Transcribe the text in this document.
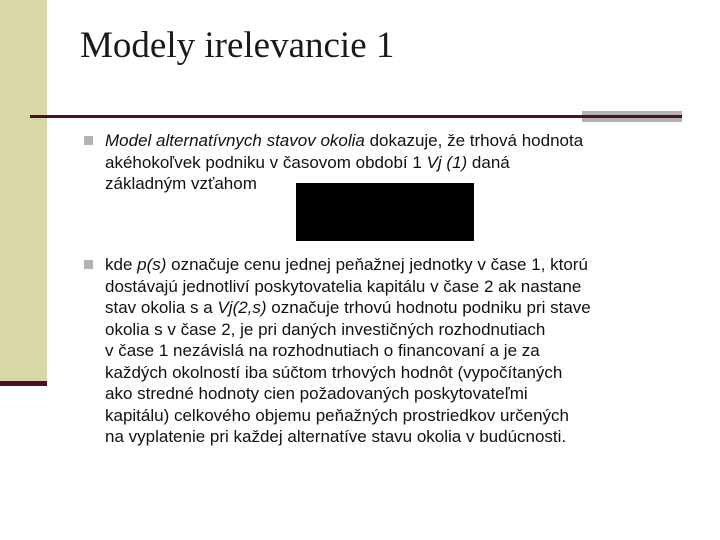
Modely irelevancie 1
Model alternatívnych stavov okolia dokazuje, že trhová hodnota
akéhokoľvek podniku v časovom období 1 Vj (1) daná
základným vzťahom
kde p(s) označuje cenu jednej peňažnej jednotky v čase 1, ktorú
dostávajú jednotliví poskytovatelia kapitálu v čase 2 ak nastane
stav okolia s a Vj(2,s) označuje trhovú hodnotu podniku pri stave
okolia s v čase 2, je pri daných investičných rozhodnutiach
v čase 1 nezávislá na rozhodnutiach o financovaní a je za
každých okolností iba súčtom trhových hodnôt (vypočítaných
ako stredné hodnoty cien požadovaných poskytovateľmi
kapitálu) celkového objemu peňažných prostriedkov určených
na vyplatenie pri každej alternatíve stavu okolia v budúcnosti.
